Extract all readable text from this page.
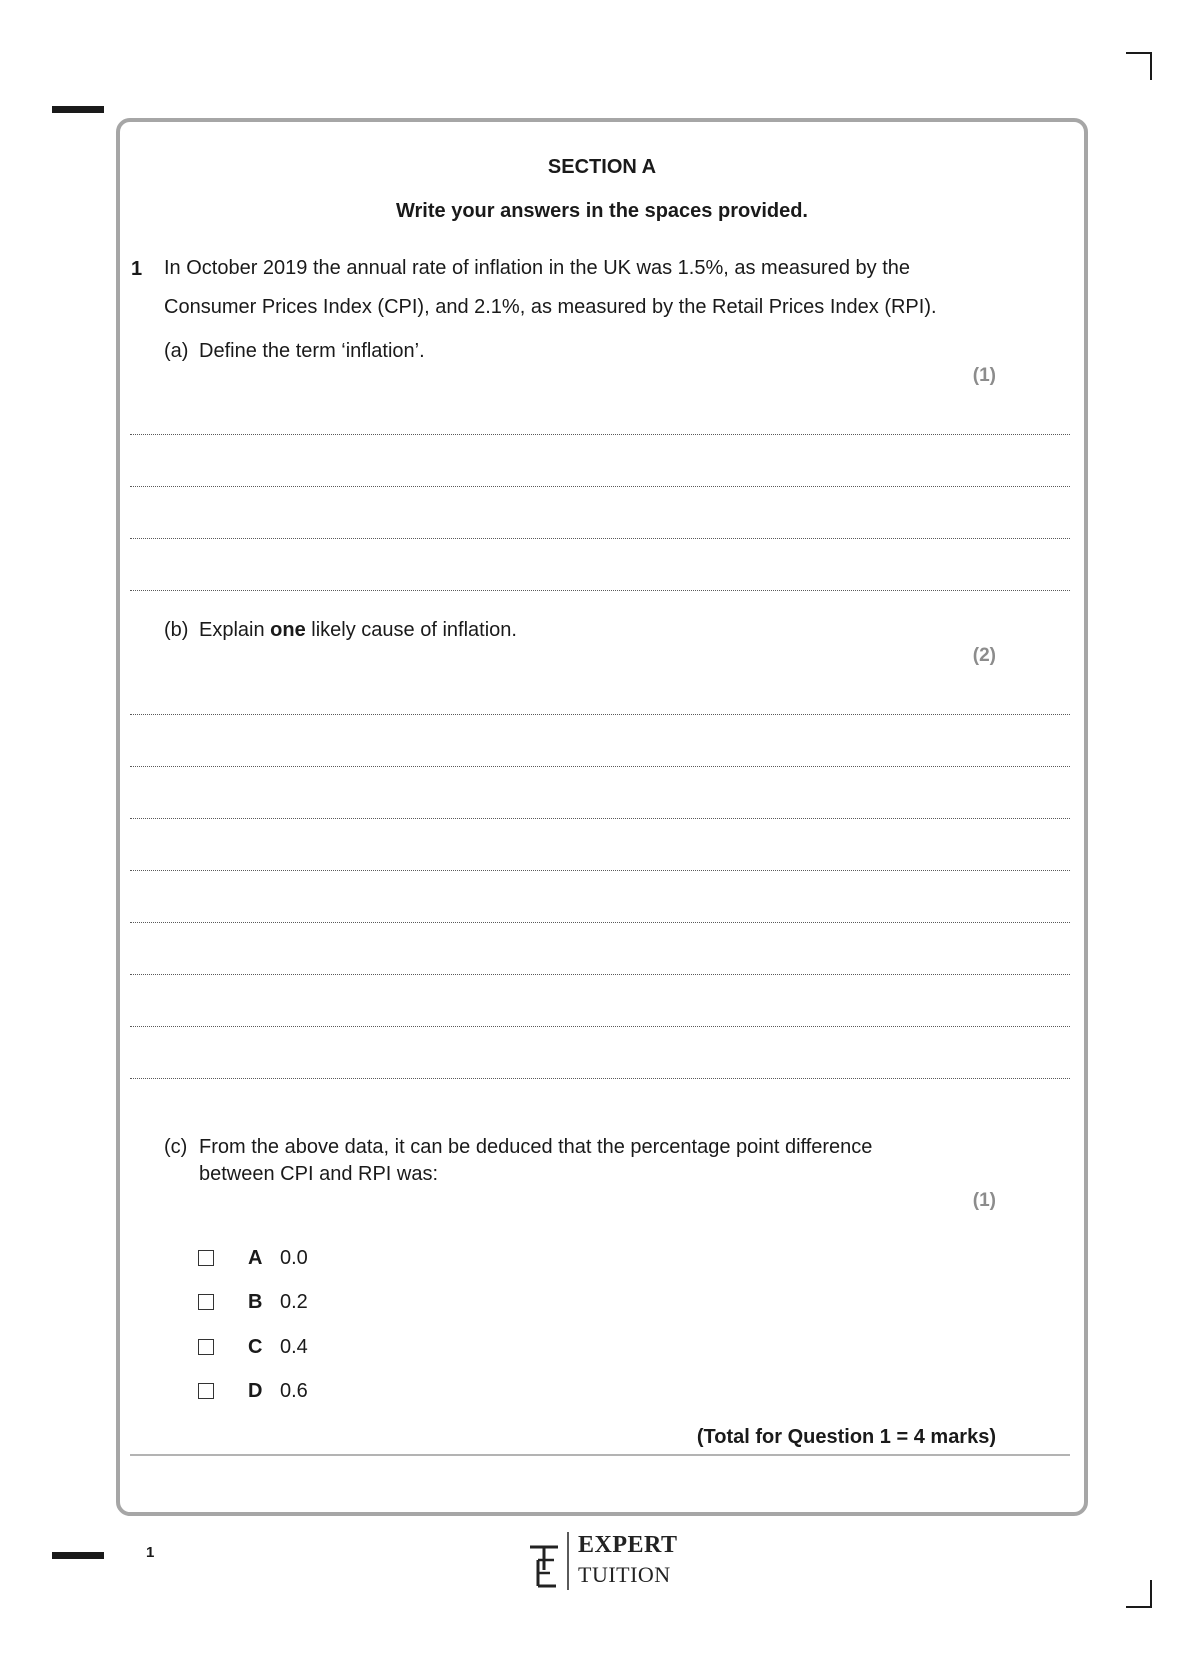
SECTION A
Write your answers in the spaces provided.
1 In October 2019 the annual rate of inflation in the UK was 1.5%, as measured by the
Consumer Prices Index (CPI), and 2.1%, as measured by the Retail Prices Index (RPI).
(a) Define the term ‘inflation’.
(1)
(b) Explain one likely cause of inflation.
(2)
(c) From the above data, it can be deduced that the percentage point difference
between CPI and RPI was:
(1)
A 0.0
B 0.2
C 0.4
D 0.6
(Total for Question 1 = 4 marks)
1	EXPERT
TUITION
